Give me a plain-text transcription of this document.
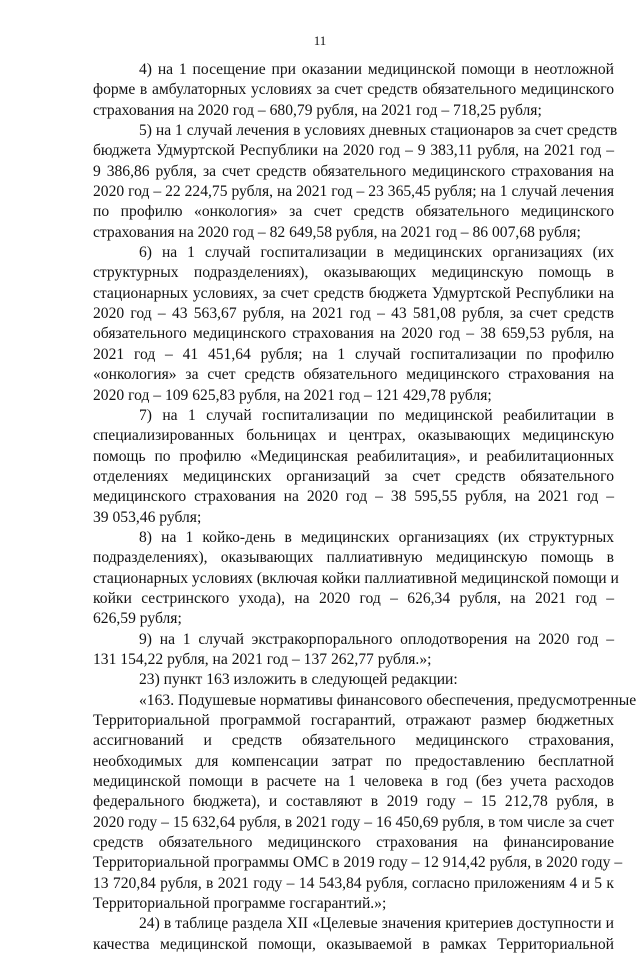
11
4) на 1 посещение при оказании медицинской помощи в неотложной
форме в амбулаторных условиях за счет средств обязательного медицинского
страхования на 2020 год – 680,79 рубля, на 2021 год – 718,25 рубля;
5) на 1 случай лечения в условиях дневных стационаров за счет средств
бюджета Удмуртской Республики на 2020 год – 9 383,11 рубля, на 2021 год –
9 386,86 рубля, за счет средств обязательного медицинского страхования на
2020 год – 22 224,75 рубля, на 2021 год – 23 365,45 рубля; на 1 случай лечения
по профилю «онкология» за счет средств обязательного медицинского
страхования на 2020 год – 82 649,58 рубля, на 2021 год – 86 007,68 рубля;
6) на 1 случай госпитализации в медицинских организациях (их
структурных подразделениях), оказывающих медицинскую помощь в
стационарных условиях, за счет средств бюджета Удмуртской Республики на
2020 год – 43 563,67 рубля, на 2021 год – 43 581,08 рубля, за счет средств
обязательного медицинского страхования на 2020 год – 38 659,53 рубля, на
2021 год – 41 451,64 рубля; на 1 случай госпитализации по профилю
«онкология» за счет средств обязательного медицинского страхования на
2020 год – 109 625,83 рубля, на 2021 год – 121 429,78 рубля;
7) на 1 случай госпитализации по медицинской реабилитации в
специализированных больницах и центрах, оказывающих медицинскую
помощь по профилю «Медицинская реабилитация», и реабилитационных
отделениях медицинских организаций за счет средств обязательного
медицинского страхования на 2020 год – 38 595,55 рубля, на 2021 год –
39 053,46 рубля;
8) на 1 койко-день в медицинских организациях (их структурных
подразделениях), оказывающих паллиативную медицинскую помощь в
стационарных условиях (включая койки паллиативной медицинской помощи и
койки сестринского ухода), на 2020 год – 626,34 рубля, на 2021 год –
626,59 рубля;
9) на 1 случай экстракорпорального оплодотворения на 2020 год –
131 154,22 рубля, на 2021 год – 137 262,77 рубля.»;
23) пункт 163 изложить в следующей редакции:
«163. Подушевые нормативы финансового обеспечения, предусмотренные
Территориальной программой госгарантий, отражают размер бюджетных
ассигнований и средств обязательного медицинского страхования,
необходимых для компенсации затрат по предоставлению бесплатной
медицинской помощи в расчете на 1 человека в год (без учета расходов
федерального бюджета), и составляют в 2019 году – 15 212,78 рубля, в
2020 году – 15 632,64 рубля, в 2021 году – 16 450,69 рубля, в том числе за счет
средств обязательного медицинского страхования на финансирование
Территориальной программы ОМС в 2019 году – 12 914,42 рубля, в 2020 году –
13 720,84 рубля, в 2021 году – 14 543,84 рубля, согласно приложениям 4 и 5 к
Территориальной программе госгарантий.»;
24) в таблице раздела XII «Целевые значения критериев доступности и
качества медицинской помощи, оказываемой в рамках Территориальной
